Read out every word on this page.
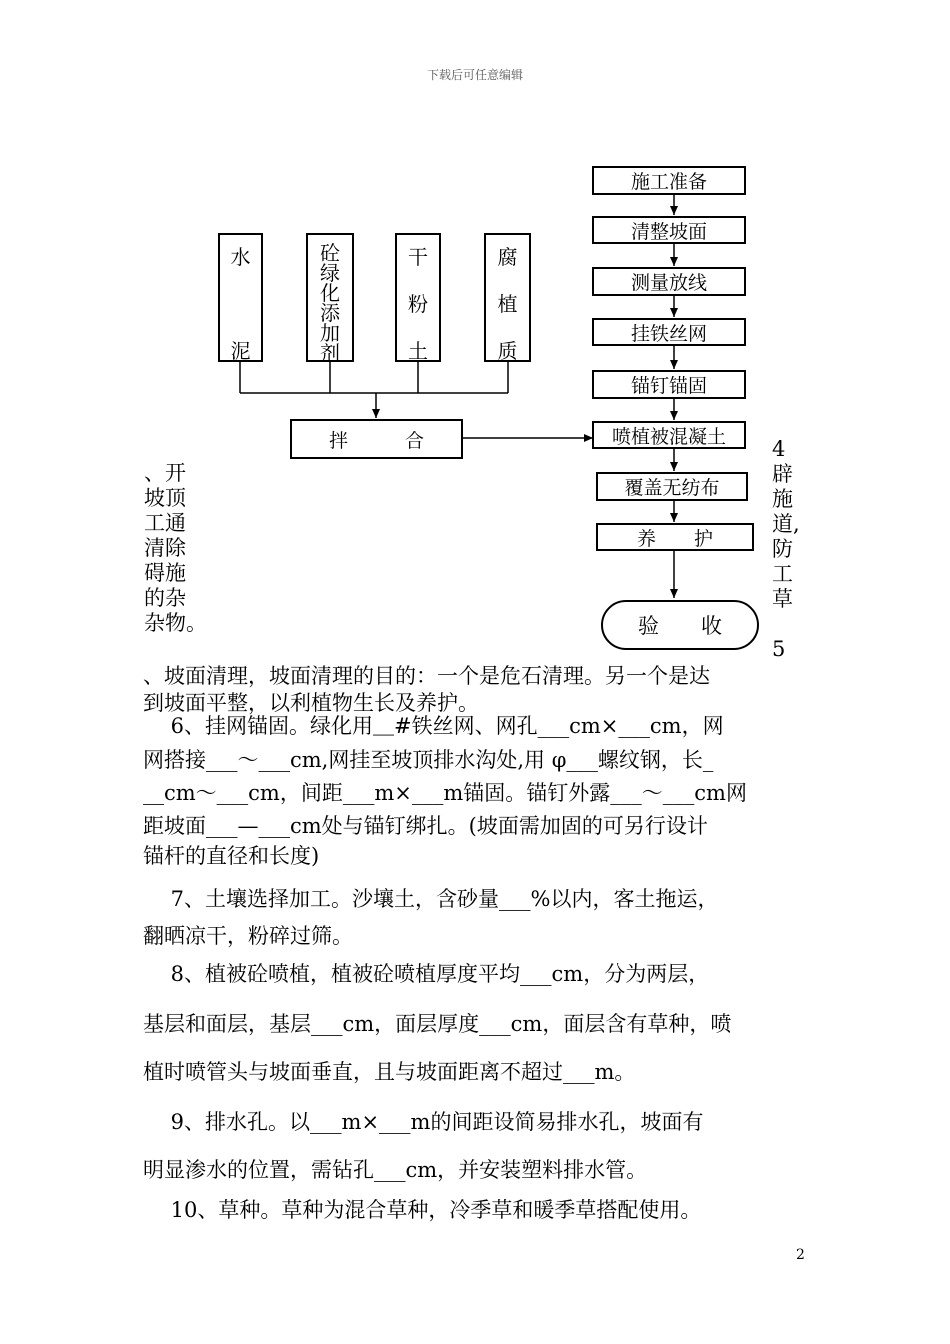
下载后可任意编辑
施工准备
清整坡面
测量放线
挂铁丝网
锚钉锚固
喷植被混凝土
覆盖无纺布
养　　护
验　　收
水
泥
砼
绿
化
添
加
剂
干
粉
土
腐
植
质
拌　　　合
、开
坡顶
工通
清除
碍施
的杂
杂物。
4
辟
施
道,
防
工
草
5
、坡面清理，坡面清理的目的：一个是危石清理。另一个是达
到坡面平整，以利植物生长及养护。
　 6、挂网锚固。绿化用＿#铁丝网、网孔___cm×___cm，网
网搭接___～___cm,网挂至坡顶排水沟处,用 φ___螺纹钢，长_
__cm～___cm，间距___m×___m锚固。锚钉外露___～___cm网
距坡面___—___cm处与锚钉绑扎。(坡面需加固的可另行设计
锚杆的直径和长度)
　 7、土壤选择加工。沙壤土，含砂量___%以内，客土拖运，
翻晒凉干，粉碎过筛。
　 8、植被砼喷植，植被砼喷植厚度平均___cm，分为两层，
基层和面层，基层___cm，面层厚度___cm，面层含有草种，喷
植时喷管头与坡面垂直，且与坡面距离不超过___m。
　 9、排水孔。以___m×___m的间距设简易排水孔，坡面有
明显渗水的位置，需钻孔___cm，并安装塑料排水管。
　 10、草种。草种为混合草种，冷季草和暖季草搭配使用。
2
